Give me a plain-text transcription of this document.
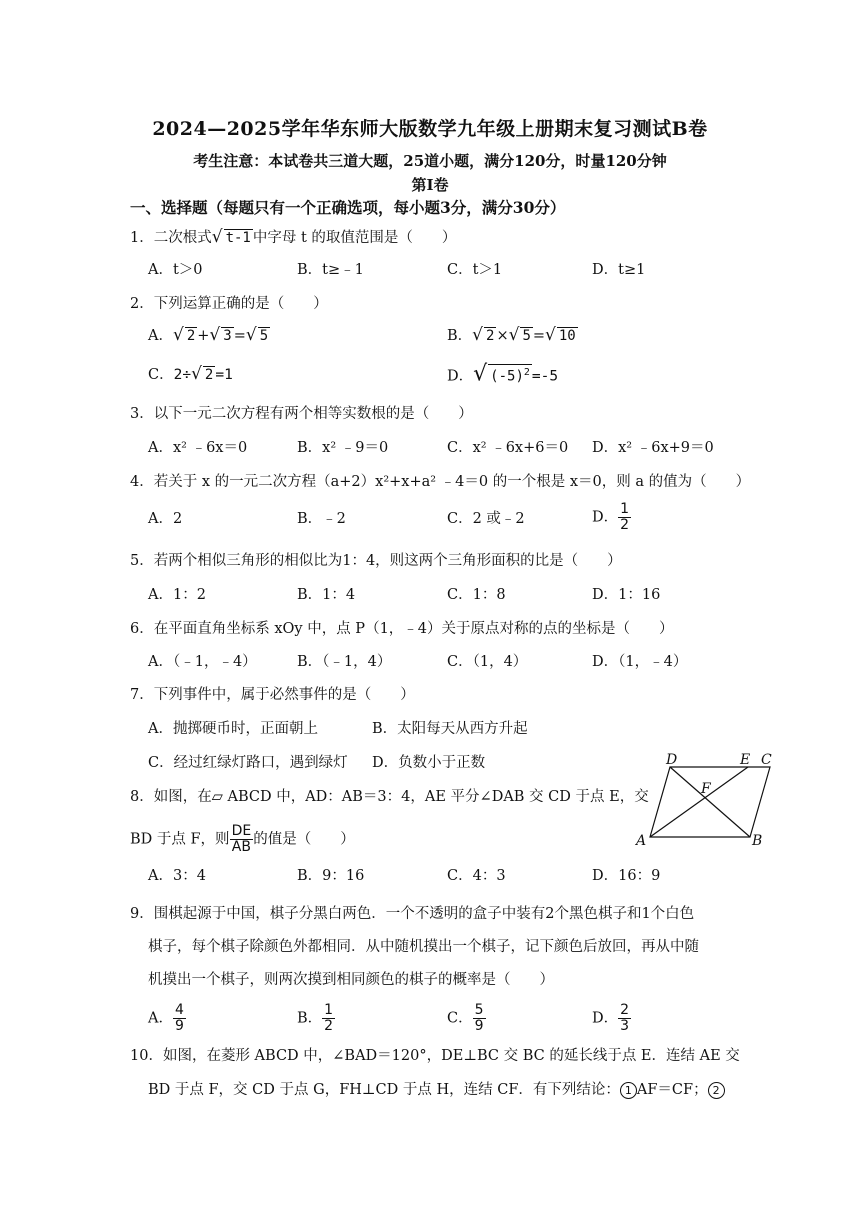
2024—2025学年华东师大版数学九年级上册期末复习测试B卷
考生注意：本试卷共三道大题，25道小题，满分120分，时量120分钟
第Ⅰ卷
一、选择题（每题只有一个正确选项，每小题3分，满分30分）
1．二次根式√ t-1 中字母 t 的取值范围是（　　）
A．t＞0	B．t≥﹣1	C．t＞1	D．t≥1
2．下列运算正确的是（　　）
A．√ 2 +√ 3 =√ 5	B．√ 2 ×√ 5 =√ 10
C．2÷√ 2 =1	D．√ $(-5)^2 =-5$
3．以下一元二次方程有两个相等实数根的是（　　）
A．x² ﹣6x＝0	B．x² ﹣9＝0	C．x² ﹣6x+6＝0 D．x² ﹣6x+9＝0
4．若关于 x 的一元二次方程（a+2）x²+x+a² ﹣4＝0 的一个根是 x＝0，则 a 的值为（　　）
A．2	B．﹣2	C．2 或﹣2	D． $\frac{1}{2}$
5．若两个相似三角形的相似比为1：4，则这两个三角形面积的比是（　　）
A．1：2	B．1：4	C．1：8	D．1：16
6．在平面直角坐标系 xOy 中，点 P（1，﹣4）关于原点对称的点的坐标是（　　）
A．（﹣1，﹣4）	B．（﹣1，4）	C．（1，4）	D．（1，﹣4）
7．下列事件中，属于必然事件的是（　　）
A．抛掷硬币时，正面朝上	B．太阳每天从西方升起
C．经过红绿灯路口，遇到绿灯 D．负数小于正数
8．如图，在▱ ABCD 中，AD：AB＝3：4，AE 平分∠DAB 交 CD 于点 E，交
BD 于点 F，则 $\frac{DE}{AB}$ 的值是（　　）
D	E C
F
A	B
A．3：4	B．9：16	C．4：3	D．16：9
9．围棋起源于中国，棋子分黑白两色．一个不透明的盒子中装有2个黑色棋子和1个白色
棋子，每个棋子除颜色外都相同．从中随机摸出一个棋子，记下颜色后放回，再从中随
机摸出一个棋子，则两次摸到相同颜色的棋子的概率是（　　）
A． $\frac{4}{9}$	B． $\frac{1}{2}$	C． $\frac{5}{9}$	D． $\frac{2}{3}$
10．如图，在菱形 ABCD 中，∠BAD＝120°，DE⊥BC 交 BC 的延长线于点 E．连结 AE 交
BD 于点 F，交 CD 于点 G，FH⊥CD 于点 H，连结 CF．有下列结论： 1 AF＝CF； 2
